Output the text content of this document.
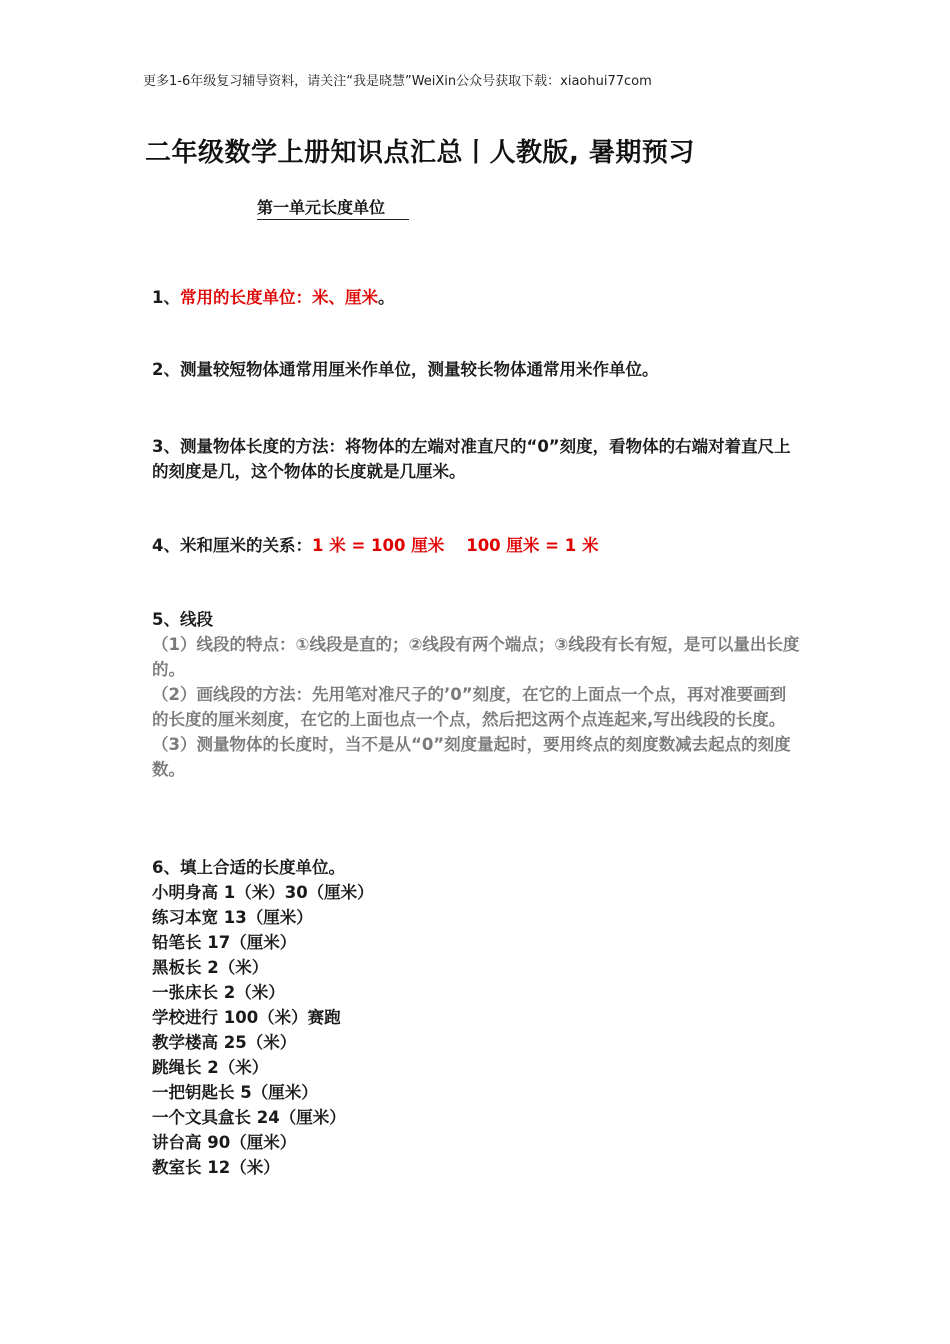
更多1-6年级复习辅导资料，请关注“我是晓慧”WeiXin公众号获取下载：xiaohui77com
二年级数学上册知识点汇总丨人教版, 暑期预习
第一单元长度单位
1、常用的长度单位：米、厘米。
2、测量较短物体通常用厘米作单位，测量较长物体通常用米作单位。
3、测量物体长度的方法：将物体的左端对准直尺的“0”刻度，看物体的右端对着直尺上的刻度是几，这个物体的长度就是几厘米。
4、米和厘米的关系：1 米 = 100 厘米 100 厘米 = 1 米
5、线段
（1）线段的特点：①线段是直的；②线段有两个端点；③线段有长有短，是可以量出长度的。
（2）画线段的方法：先用笔对准尺子的’0”刻度，在它的上面点一个点，再对准要画到的长度的厘米刻度，在它的上面也点一个点，然后把这两个点连起来,写出线段的长度。
（3）测量物体的长度时，当不是从“0”刻度量起时，要用终点的刻度数减去起点的刻度数。
6、填上合适的长度单位。
小明身高 1（米）30（厘米）
练习本宽 13（厘米）
铅笔长 17（厘米）
黑板长 2（米）
一张床长 2（米）
学校进行 100（米）赛跑
教学楼高 25（米）
跳绳长 2（米）
一把钥匙长 5（厘米）
一个文具盒长 24（厘米）
讲台高 90（厘米）
教室长 12（米）
